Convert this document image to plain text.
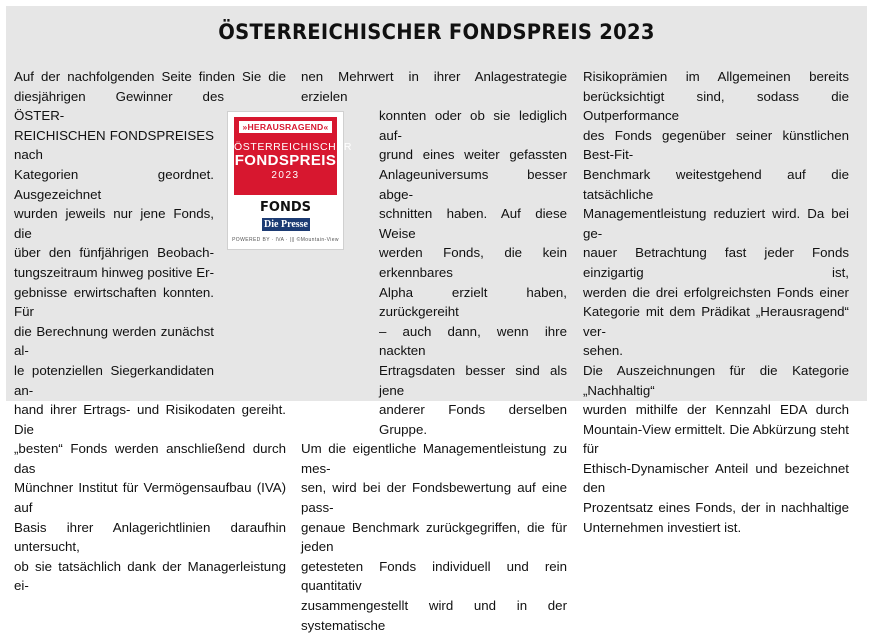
ÖSTERREICHISCHER FONDSPREIS 2023
Auf der nachfolgenden Seite finden Sie die
diesjährigen Gewinner des ÖSTER-
REICHISCHEN FONDSPREISES nach
Kategorien geordnet. Ausgezeichnet
wurden jeweils nur jene Fonds, die
über den fünfjährigen Beobach-
tungszeitraum hinweg positive Er-
gebnisse erwirtschaften konnten. Für
die Berechnung werden zunächst al-
le potenziellen Siegerkandidaten an-
hand ihrer Ertrags- und Risikodaten gereiht. Die
„besten“ Fonds werden anschließend durch das
Münchner Institut für Vermögensaufbau (IVA) auf
Basis ihrer Anlagerichtlinien daraufhin untersucht,
ob sie tatsächlich dank der Managerleistung ei-
nen Mehrwert in ihrer Anlagestrategie erzielen
konnten oder ob sie lediglich auf-
grund eines weiter gefassten
Anlageuniversums besser abge-
schnitten haben. Auf diese Weise
werden Fonds, die kein erkennbares
Alpha erzielt haben, zurückgereiht
– auch dann, wenn ihre nackten
Ertragsdaten besser sind als jene
anderer Fonds derselben Gruppe.
Um die eigentliche Managementleistung zu mes-
sen, wird bei der Fondsbewertung auf eine pass-
genaue Benchmark zurückgegriffen, die für jeden
getesteten Fonds individuell und rein quantitativ
zusammengestellt wird und in der systematische
Risikoprämien im Allgemeinen bereits
berücksichtigt sind, sodass die Outperformance
des Fonds gegenüber seiner künstlichen Best-Fit-
Benchmark weitestgehend auf die tatsächliche
Managementleistung reduziert wird. Da bei ge-
nauer Betrachtung fast jeder Fonds einzigartig ist,
werden die drei erfolgreichsten Fonds einer
Kategorie mit dem Prädikat „Herausragend“ ver-
sehen.
Die Auszeichnungen für die Kategorie „Nachhaltig“
wurden mithilfe der Kennzahl EDA durch
Mountain-View ermittelt. Die Abkürzung steht für
Ethisch-Dynamischer Anteil und bezeichnet den
Prozentsatz eines Fonds, der in nachhaltige
Unternehmen investiert ist.
»HERAUSRAGEND«
ÖSTERREICHISCHER
FONDSPREIS
2023
FONDS
Die Presse
POWERED BY · IVA · ||| ©Mountain-View
